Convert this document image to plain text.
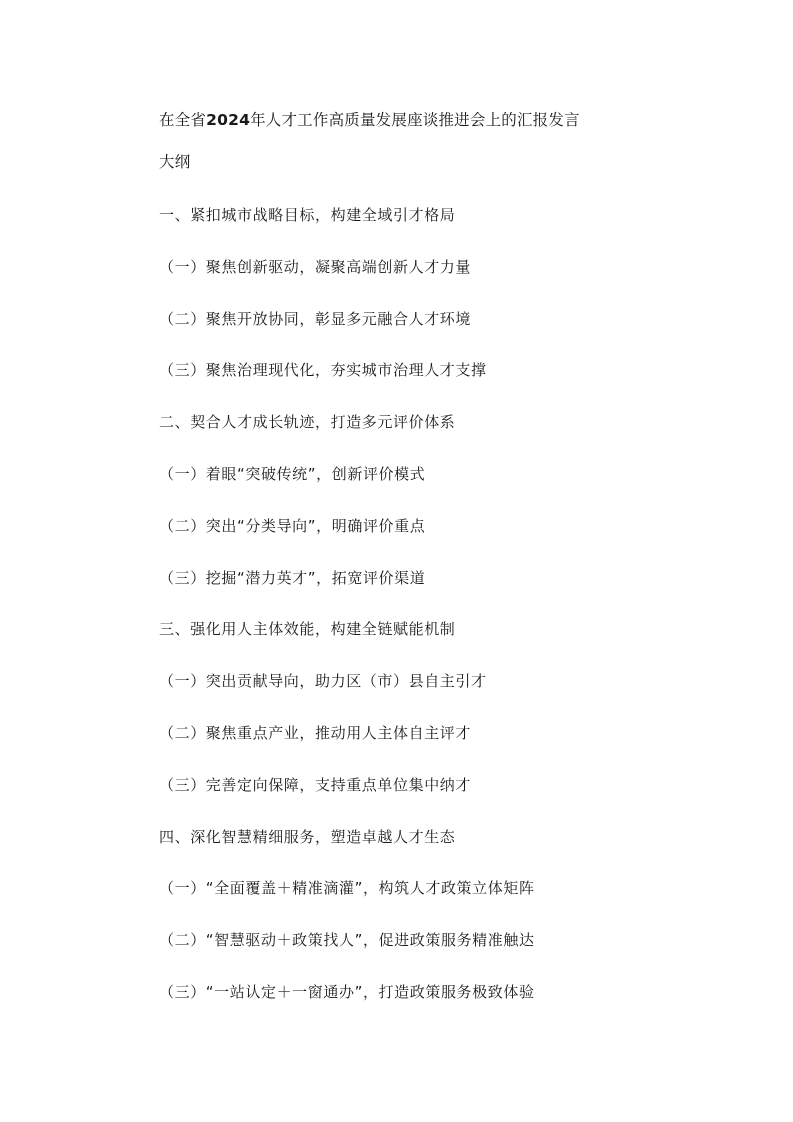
在全省2024年人才工作高质量发展座谈推进会上的汇报发言

大纲

一、紧扣城市战略目标，构建全域引才格局

（一）聚焦创新驱动，凝聚高端创新人才力量

（二）聚焦开放协同，彰显多元融合人才环境

（三）聚焦治理现代化，夯实城市治理人才支撑

二、契合人才成长轨迹，打造多元评价体系

（一）着眼“突破传统”，创新评价模式

（二）突出“分类导向”，明确评价重点

（三）挖掘“潜力英才”，拓宽评价渠道

三、强化用人主体效能，构建全链赋能机制

（一）突出贡献导向，助力区（市）县自主引才

（二）聚焦重点产业，推动用人主体自主评才

（三）完善定向保障，支持重点单位集中纳才

四、深化智慧精细服务，塑造卓越人才生态

（一）“全面覆盖＋精准滴灌”，构筑人才政策立体矩阵

（二）“智慧驱动＋政策找人”，促进政策服务精准触达

（三）“一站认定＋一窗通办”，打造政策服务极致体验
